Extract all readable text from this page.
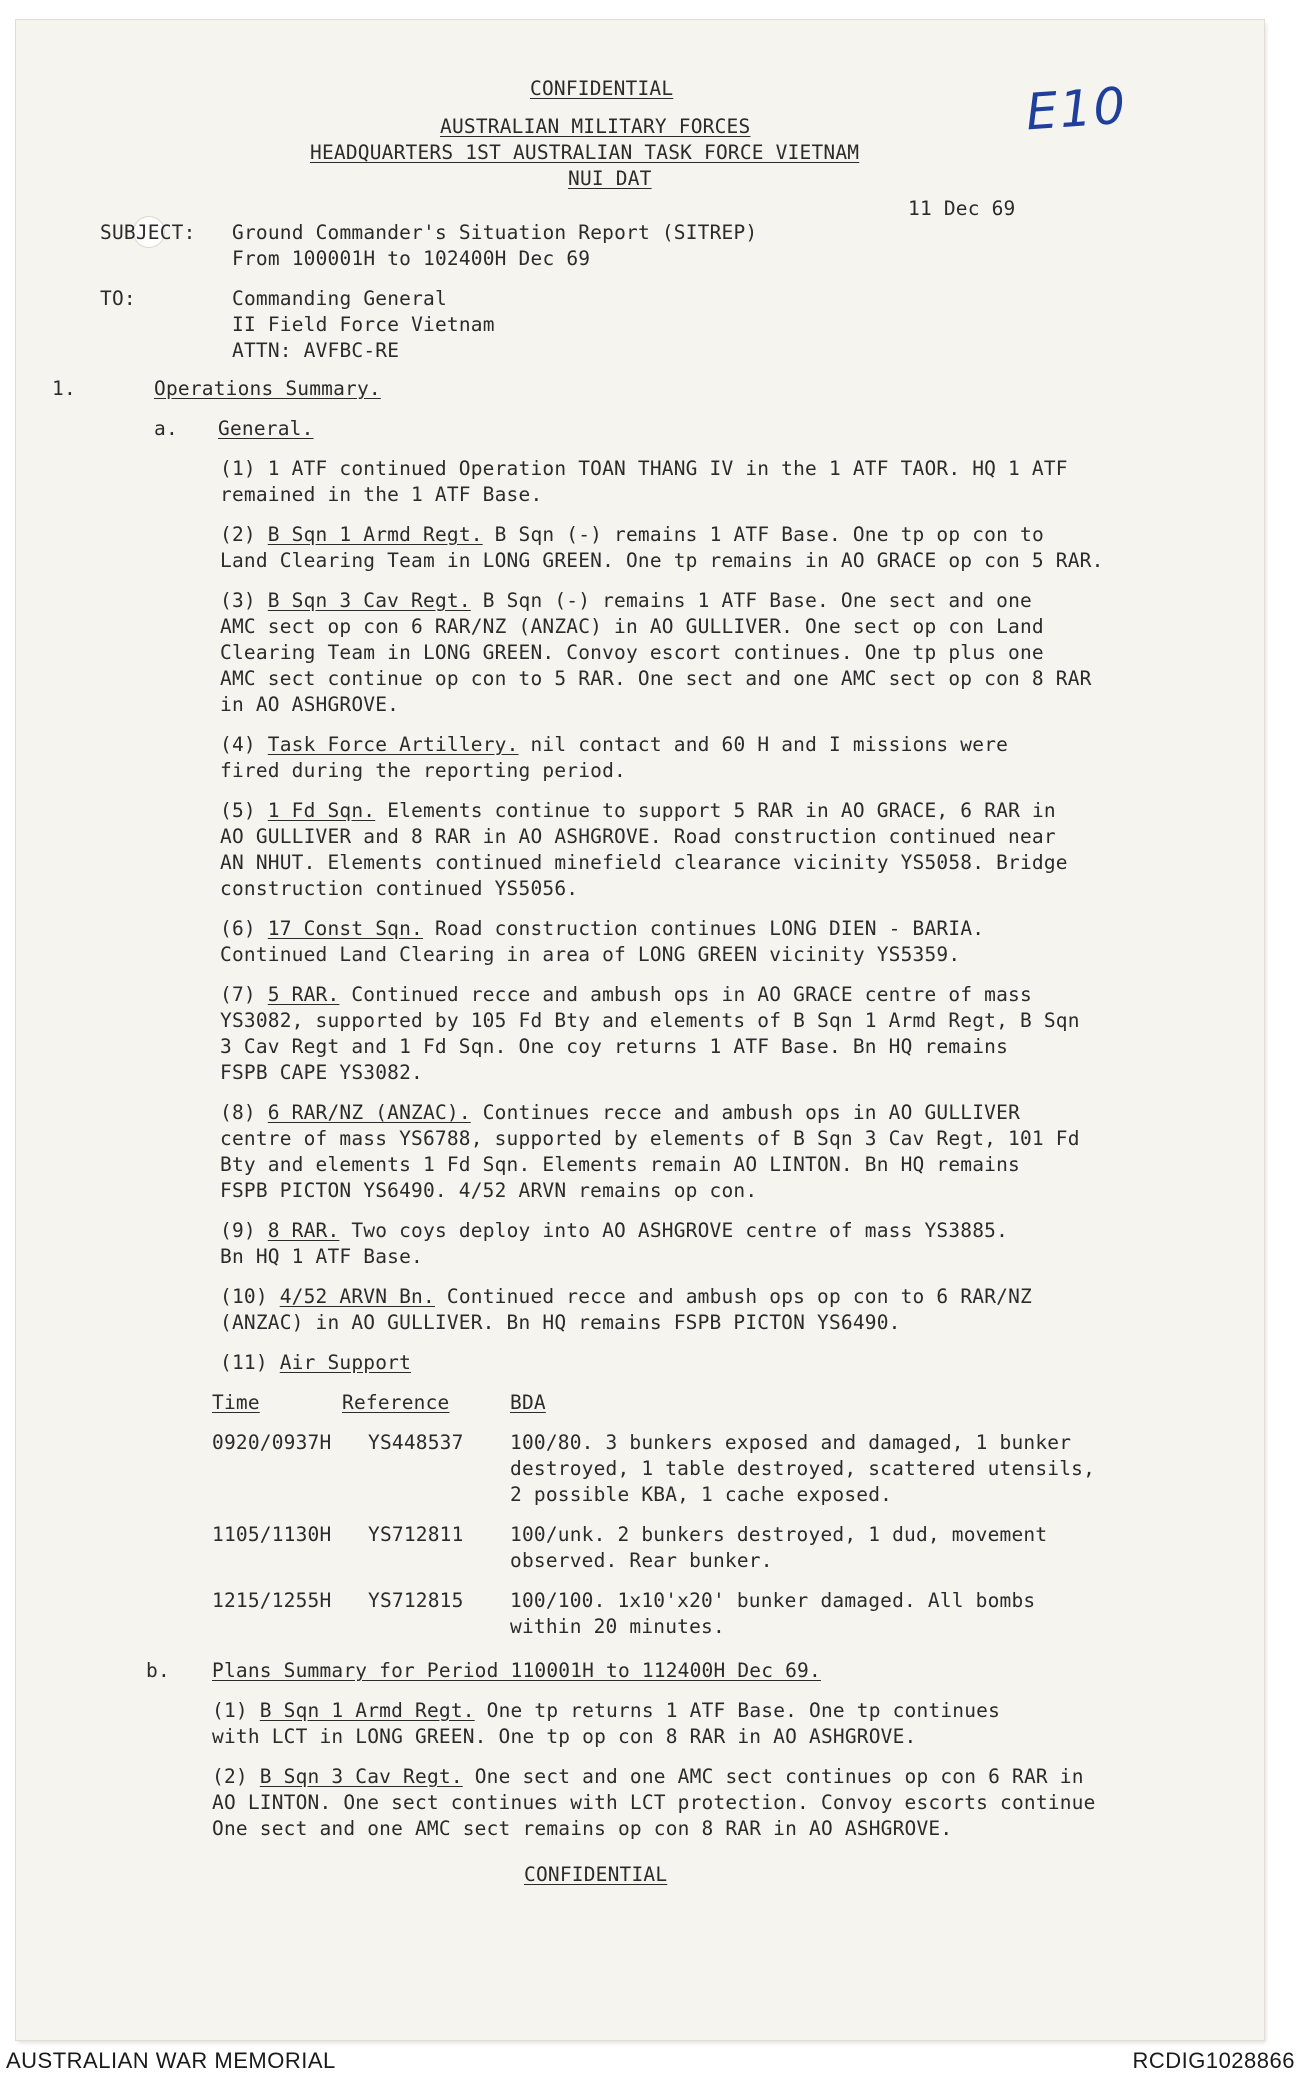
E10
CONFIDENTIAL
AUSTRALIAN MILITARY FORCES
HEADQUARTERS 1ST AUSTRALIAN TASK FORCE VIETNAM
NUI DAT
11 Dec 69
SUBJECT: Ground Commander's Situation Report (SITREP)
From 100001H to 102400H Dec 69
TO:	Commanding General
II Field Force Vietnam
ATTN: AVFBC-RE
1.	Operations Summary.
a. General.
(1) 1 ATF continued Operation TOAN THANG IV in the 1 ATF TAOR. HQ 1 ATF
remained in the 1 ATF Base.
(2) B Sqn 1 Armd Regt. B Sqn (-) remains 1 ATF Base. One tp op con to
Land Clearing Team in LONG GREEN. One tp remains in AO GRACE op con 5 RAR.
(3) B Sqn 3 Cav Regt. B Sqn (-) remains 1 ATF Base. One sect and one
AMC sect op con 6 RAR/NZ (ANZAC) in AO GULLIVER. One sect op con Land
Clearing Team in LONG GREEN. Convoy escort continues. One tp plus one
AMC sect continue op con to 5 RAR. One sect and one AMC sect op con 8 RAR
in AO ASHGROVE.
(4) Task Force Artillery. nil contact and 60 H and I missions were
fired during the reporting period.
(5) 1 Fd Sqn. Elements continue to support 5 RAR in AO GRACE, 6 RAR in
AO GULLIVER and 8 RAR in AO ASHGROVE. Road construction continued near
AN NHUT. Elements continued minefield clearance vicinity YS5058. Bridge
construction continued YS5056.
(6) 17 Const Sqn. Road construction continues LONG DIEN - BARIA.
Continued Land Clearing in area of LONG GREEN vicinity YS5359.
(7) 5 RAR. Continued recce and ambush ops in AO GRACE centre of mass
YS3082, supported by 105 Fd Bty and elements of B Sqn 1 Armd Regt, B Sqn
3 Cav Regt and 1 Fd Sqn. One coy returns 1 ATF Base. Bn HQ remains
FSPB CAPE YS3082.
(8) 6 RAR/NZ (ANZAC). Continues recce and ambush ops in AO GULLIVER
centre of mass YS6788, supported by elements of B Sqn 3 Cav Regt, 101 Fd
Bty and elements 1 Fd Sqn. Elements remain AO LINTON. Bn HQ remains
FSPB PICTON YS6490. 4/52 ARVN remains op con.
(9) 8 RAR. Two coys deploy into AO ASHGROVE centre of mass YS3885.
Bn HQ 1 ATF Base.
(10) 4/52 ARVN Bn. Continued recce and ambush ops op con to 6 RAR/NZ
(ANZAC) in AO GULLIVER. Bn HQ remains FSPB PICTON YS6490.
(11) Air Support
Time	Reference	BDA
0920/0937H YS448537 100/80. 3 bunkers exposed and damaged, 1 bunker
destroyed, 1 table destroyed, scattered utensils,
2 possible KBA, 1 cache exposed.
1105/1130H YS712811 100/unk. 2 bunkers destroyed, 1 dud, movement
observed. Rear bunker.
1215/1255H YS712815 100/100. 1x10'x20' bunker damaged. All bombs
within 20 minutes.
b. Plans Summary for Period 110001H to 112400H Dec 69.
(1) B Sqn 1 Armd Regt. One tp returns 1 ATF Base. One tp continues
with LCT in LONG GREEN. One tp op con 8 RAR in AO ASHGROVE.
(2) B Sqn 3 Cav Regt. One sect and one AMC sect continues op con 6 RAR in
AO LINTON. One sect continues with LCT protection. Convoy escorts continue
One sect and one AMC sect remains op con 8 RAR in AO ASHGROVE.
CONFIDENTIAL
AUSTRALIAN WAR MEMORIAL	RCDIG1028866
